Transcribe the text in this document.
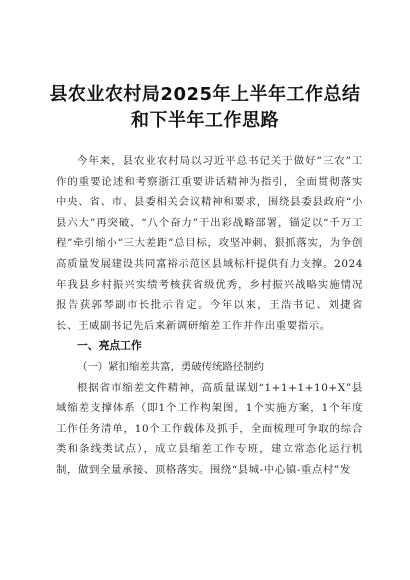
县农业农村局2025年上半年工作总结

和下半年工作思路

今年来，县农业农村局以习近平总书记关于做好“三农”工作的重要论述和考察浙江重要讲话精神为指引，全面贯彻落实中央、省、市、县委相关会议精神和要求，围绕县委县政府“小县六大”再突破、“八个奋力”干出彩战略部署，锚定以“千万工程”牵引缩小“三大差距”总目标，攻坚冲刺、狠抓落实，为争创高质量发展建设共同富裕示范区县域标杆提供有力支撑。2024年我县乡村振兴实绩考核获省级优秀，乡村振兴战略实施情况报告获郭琴副市长批示肯定。今年以来，王浩书记、刘捷省长、王威副书记先后来新调研缩差工作并作出重要指示。

一、亮点工作

（一）紧扣缩差共富，勇破传统路径制约

根据省市缩差文件精神，高质量谋划“1+1+1+10+X”县域缩差支撑体系（即1个工作构架图，1个实施方案，1个年度工作任务清单，10个工作载体及抓手，全面梳理可争取的综合类和条线类试点），成立县缩差工作专班，建立常态化运行机制，做到全量承接、顶格落实。围绕“县城-中心镇-重点村”发
